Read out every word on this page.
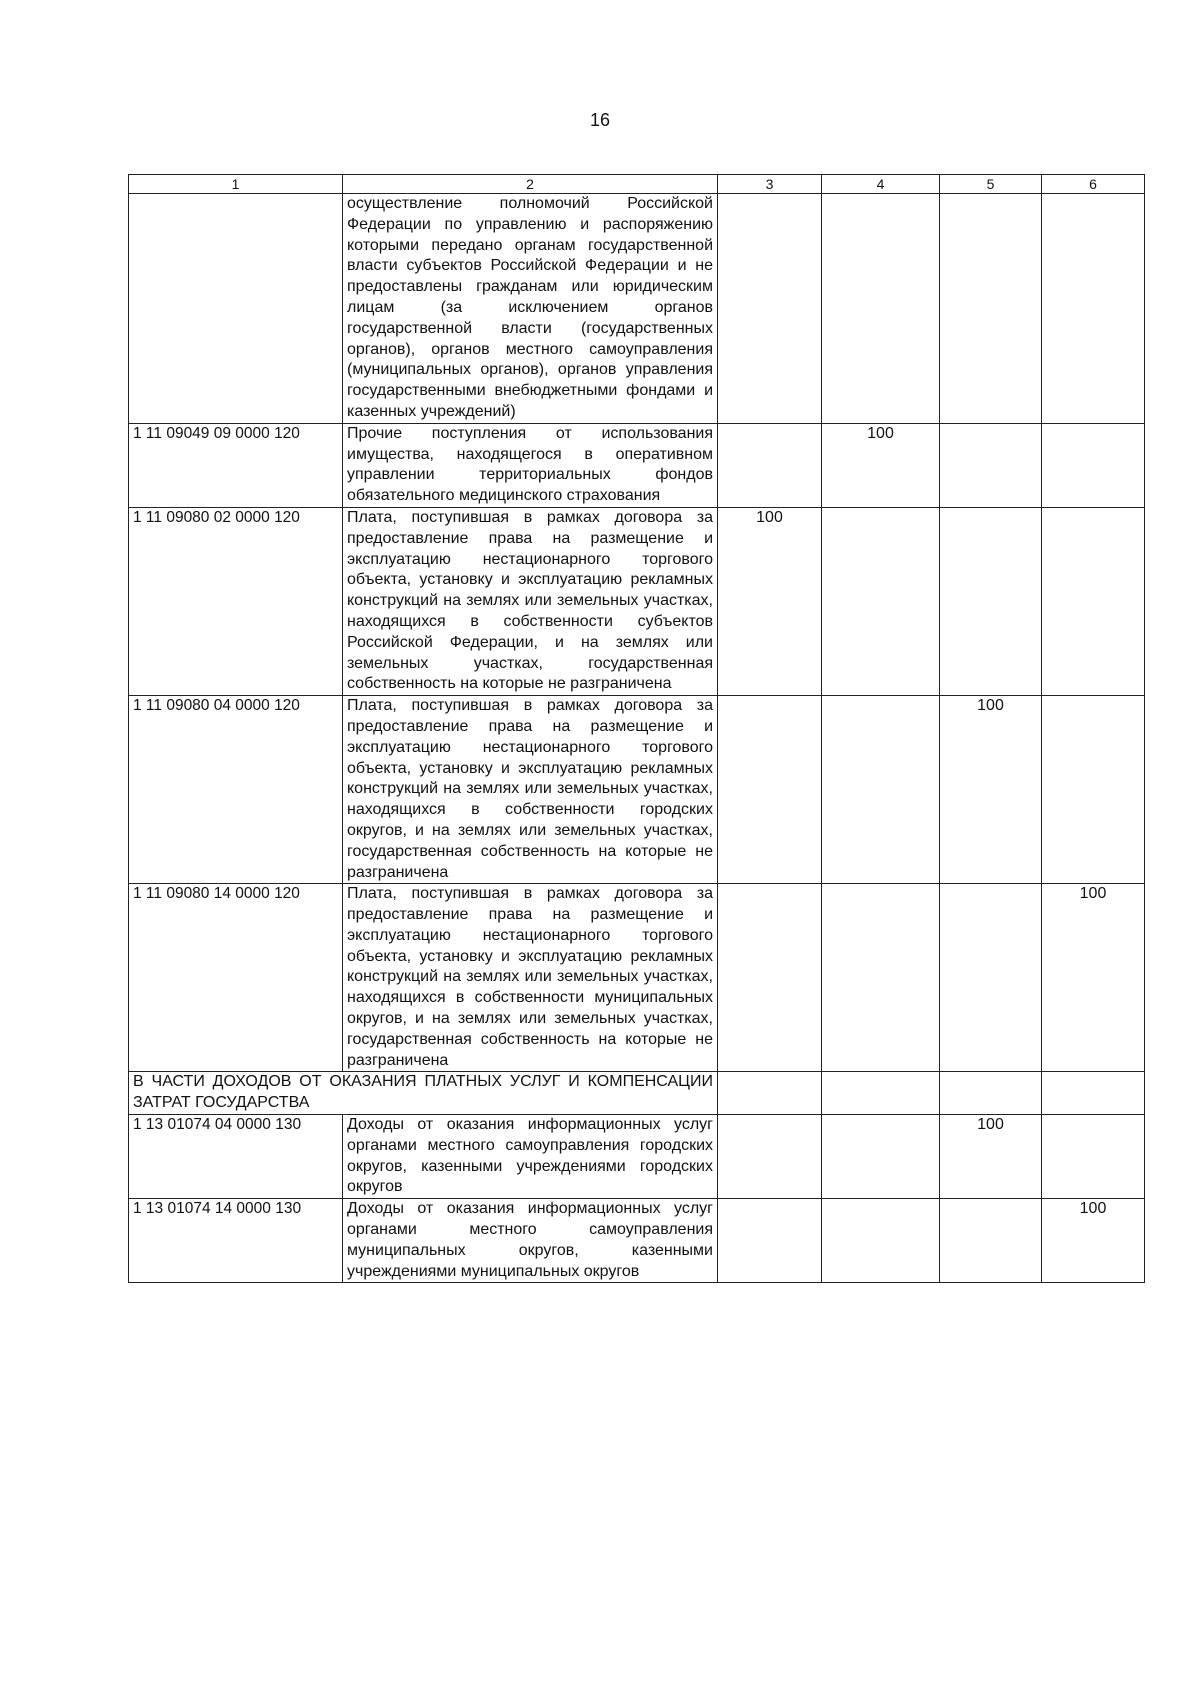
16
1	2	3	4	5	6
	осуществление полномочий Российской Федерации по управлению и распоряжению которыми передано органам государственной власти субъектов Российской Федерации и не предоставлены гражданам или юридическим лицам (за исключением органов государственной власти (государственных органов), органов местного самоуправления (муниципальных органов), органов управления государственными внебюджетными фондами и казенных учреждений)				
1 11 09049 09 0000 120	Прочие поступления от использования имущества, находящегося в оперативном управлении территориальных фондов обязательного медицинского страхования		100		
1 11 09080 02 0000 120	Плата, поступившая в рамках договора за предоставление права на размещение и эксплуатацию нестационарного торгового объекта, установку и эксплуатацию рекламных конструкций на землях или земельных участках, находящихся в собственности субъектов Российской Федерации, и на землях или земельных участках, государственная собственность на которые не разграничена	100			
1 11 09080 04 0000 120	Плата, поступившая в рамках договора за предоставление права на размещение и эксплуатацию нестационарного торгового объекта, установку и эксплуатацию рекламных конструкций на землях или земельных участках, находящихся в собственности городских округов, и на землях или земельных участках, государственная собственность на которые не разграничена			100	
1 11 09080 14 0000 120	Плата, поступившая в рамках договора за предоставление права на размещение и эксплуатацию нестационарного торгового объекта, установку и эксплуатацию рекламных конструкций на землях или земельных участках, находящихся в собственности муниципальных округов, и на землях или земельных участках, государственная собственность на которые не разграничена				100
В ЧАСТИ ДОХОДОВ ОТ ОКАЗАНИЯ ПЛАТНЫХ УСЛУГ И КОМПЕНСАЦИИ ЗАТРАТ ГОСУДАРСТВА					
1 13 01074 04 0000 130	Доходы от оказания информационных услуг органами местного самоуправления городских округов, казенными учреждениями городских округов			100	
1 13 01074 14 0000 130	Доходы от оказания информационных услуг органами местного самоуправления муниципальных округов, казенными учреждениями муниципальных округов				100
